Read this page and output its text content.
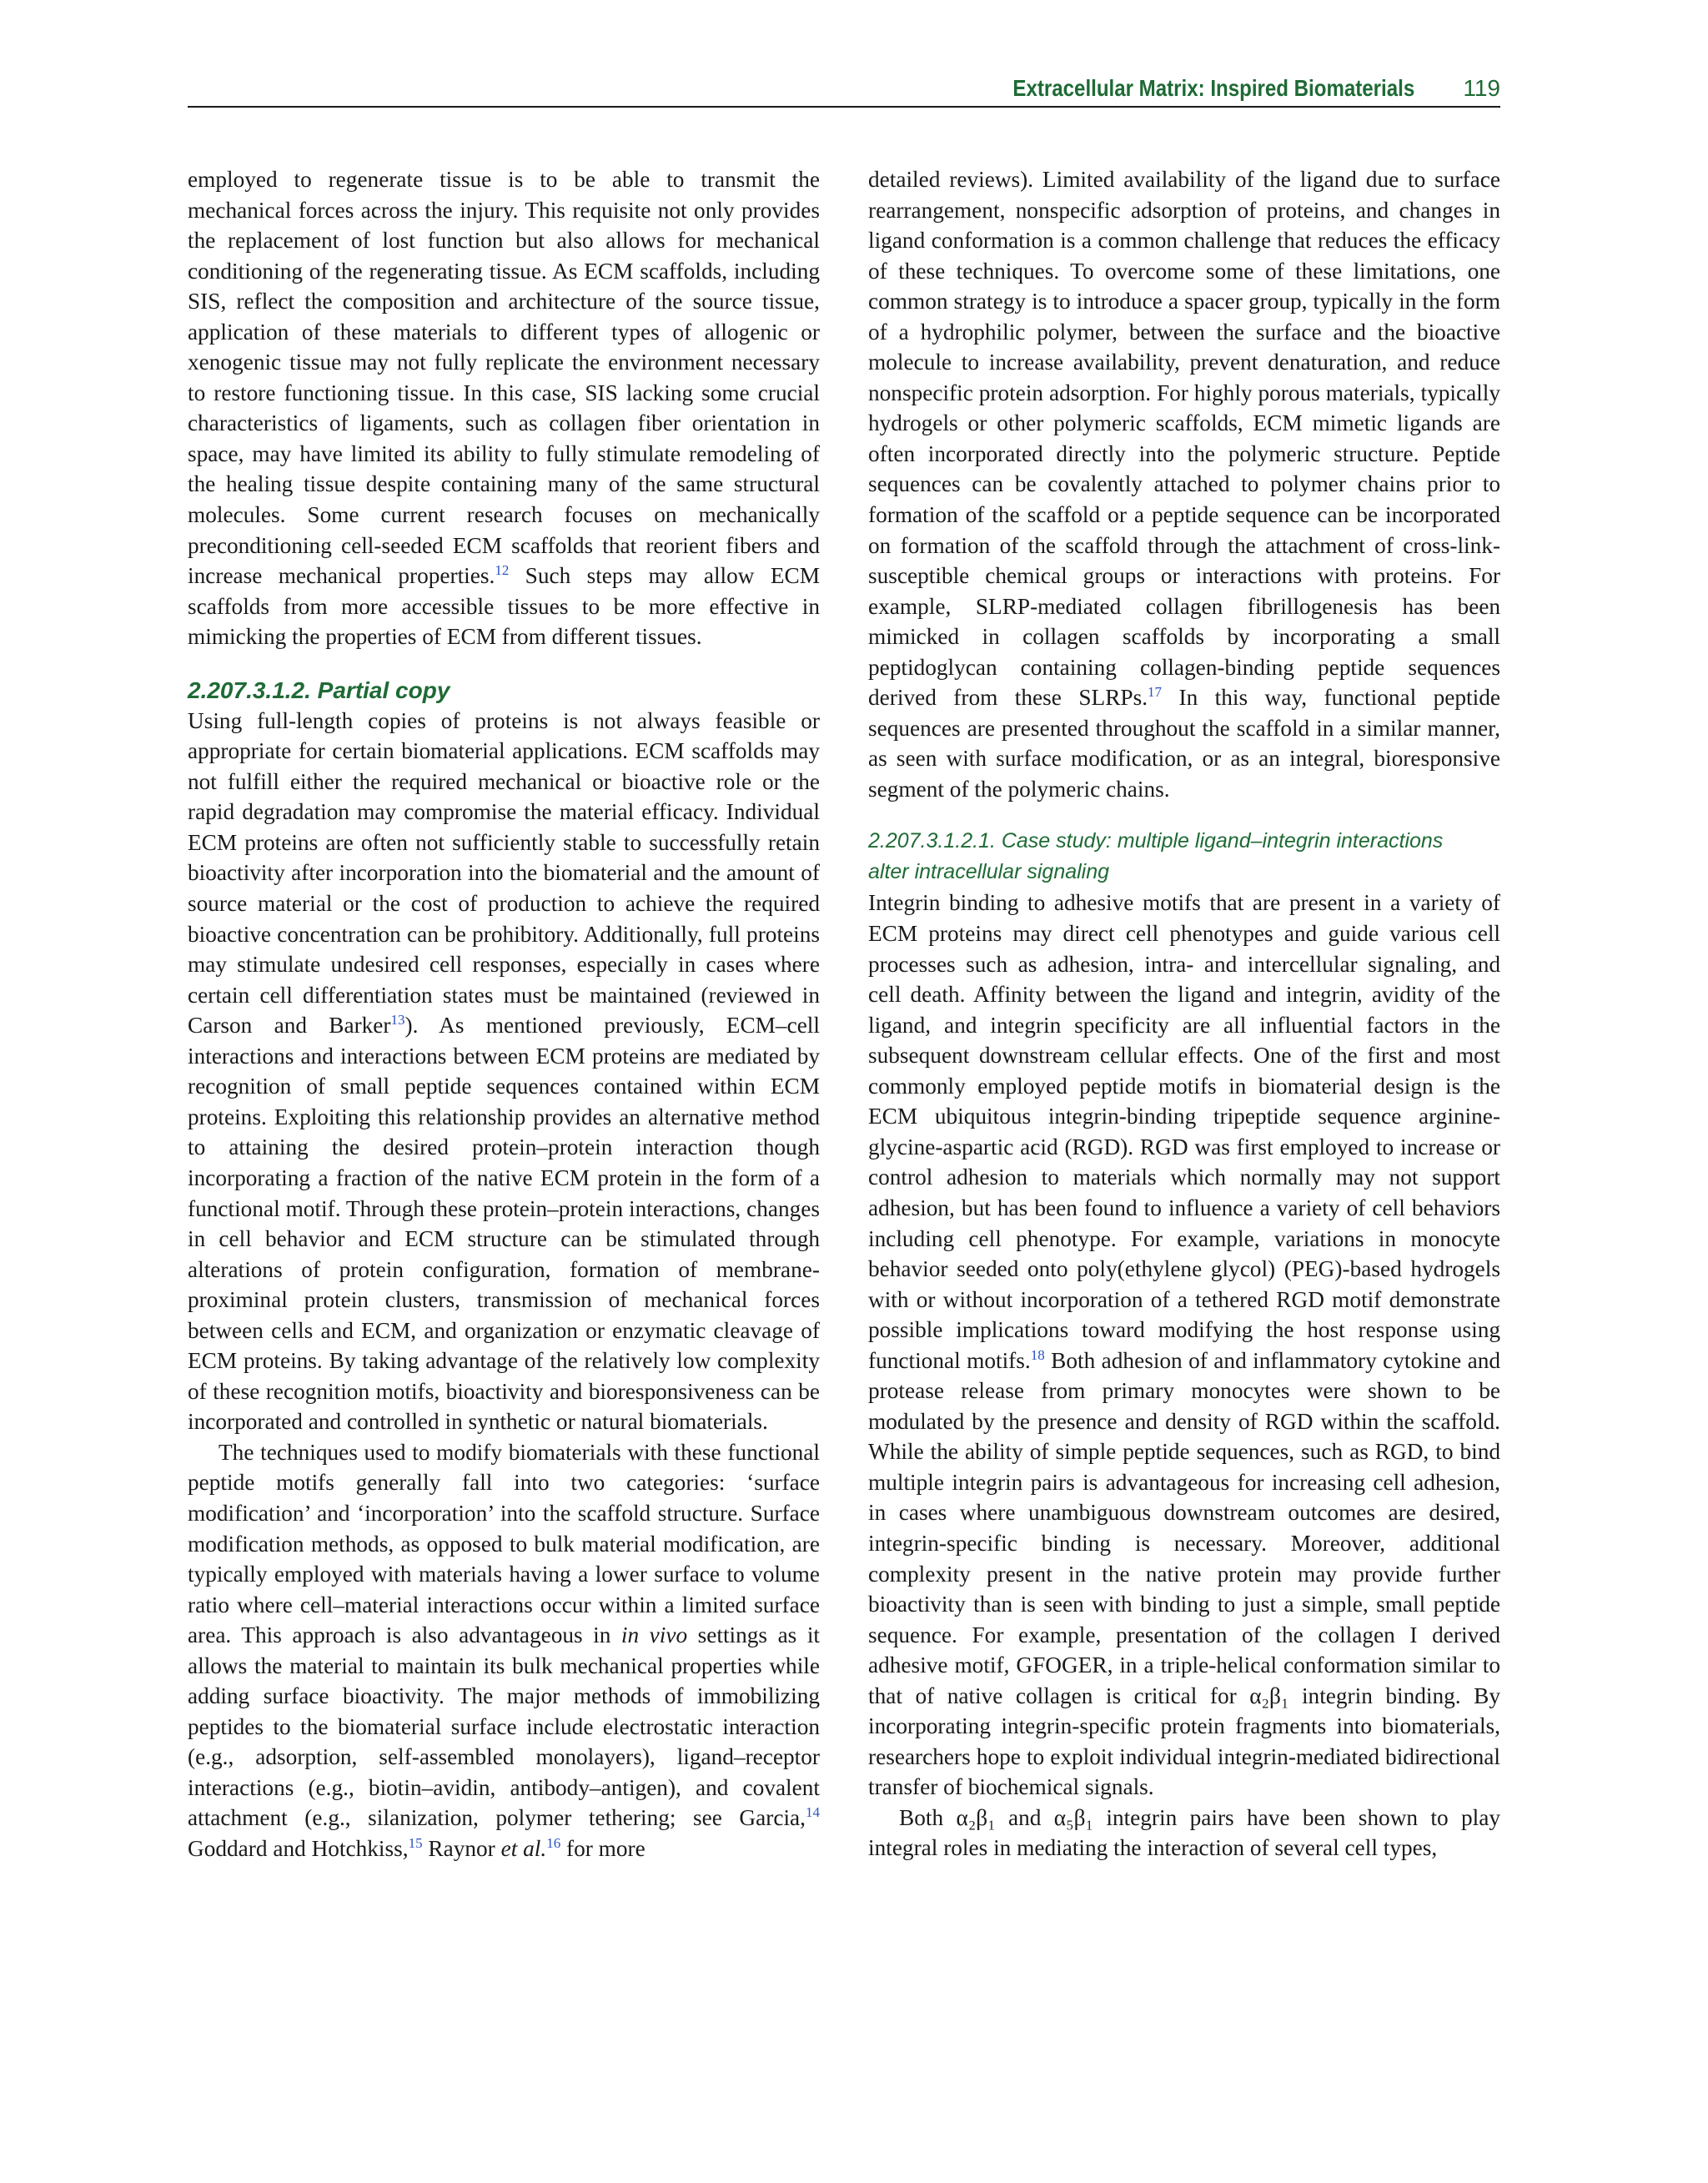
Extracellular Matrix: Inspired Biomaterials 119

employed to regenerate tissue is to be able to transmit the mechanical forces across the injury. This requisite not only provides the replacement of lost function but also allows for mechanical conditioning of the regenerating tissue. As ECM scaffolds, including SIS, reflect the composition and architecture of the source tissue, application of these materials to different types of allogenic or xenogenic tissue may not fully replicate the environment necessary to restore functioning tissue. In this case, SIS lacking some crucial characteristics of ligaments, such as collagen fiber orientation in space, may have limited its ability to fully stimulate remodeling of the healing tissue despite containing many of the same structural molecules. Some current research focuses on mechanically preconditioning cell-seeded ECM scaffolds that reorient fibers and increase mechanical properties.$^{12}$ Such steps may allow ECM scaffolds from more accessible tissues to be more effective in mimicking the properties of ECM from different tissues.

2.207.3.1.2. Partial copy

Using full-length copies of proteins is not always feasible or appropriate for certain biomaterial applications. ECM scaffolds may not fulfill either the required mechanical or bioactive role or the rapid degradation may compromise the material efficacy. Individual ECM proteins are often not sufficiently stable to successfully retain bioactivity after incorporation into the biomaterial and the amount of source material or the cost of production to achieve the required bioactive concentration can be prohibitory. Additionally, full proteins may stimulate undesired cell responses, especially in cases where certain cell differentiation states must be maintained (reviewed in Carson and Barker$^{13}$). As mentioned previously, ECM–cell interactions and interactions between ECM proteins are mediated by recognition of small peptide sequences contained within ECM proteins. Exploiting this relationship provides an alternative method to attaining the desired protein–protein interaction though incorporating a fraction of the native ECM protein in the form of a functional motif. Through these protein–protein interactions, changes in cell behavior and ECM structure can be stimulated through alterations of protein configuration, formation of membrane-proximinal protein clusters, transmission of mechanical forces between cells and ECM, and organization or enzymatic cleavage of ECM proteins. By taking advantage of the relatively low complexity of these recognition motifs, bioactivity and bioresponsiveness can be incorporated and controlled in synthetic or natural biomaterials.

The techniques used to modify biomaterials with these functional peptide motifs generally fall into two categories: ‘surface modification’ and ‘incorporation’ into the scaffold structure. Surface modification methods, as opposed to bulk material modification, are typically employed with materials having a lower surface to volume ratio where cell–material interactions occur within a limited surface area. This approach is also advantageous in in vivo settings as it allows the material to maintain its bulk mechanical properties while adding surface bioactivity. The major methods of immobilizing peptides to the biomaterial surface include electrostatic interaction (e.g., adsorption, self-assembled monolayers), ligand–receptor interactions (e.g., biotin–avidin, antibody–antigen), and covalent attachment (e.g., silanization, polymer tethering; see Garcia,$^{14}$ Goddard and Hotchkiss,$^{15}$ Raynor et al.$^{16}$ for more

detailed reviews). Limited availability of the ligand due to surface rearrangement, nonspecific adsorption of proteins, and changes in ligand conformation is a common challenge that reduces the efficacy of these techniques. To overcome some of these limitations, one common strategy is to introduce a spacer group, typically in the form of a hydrophilic polymer, between the surface and the bioactive molecule to increase availability, prevent denaturation, and reduce nonspecific protein adsorption. For highly porous materials, typically hydrogels or other polymeric scaffolds, ECM mimetic ligands are often incorporated directly into the polymeric structure. Peptide sequences can be covalently attached to polymer chains prior to formation of the scaffold or a peptide sequence can be incorporated on formation of the scaffold through the attachment of cross-link-susceptible chemical groups or interactions with proteins. For example, SLRP-mediated collagen fibrillogenesis has been mimicked in collagen scaffolds by incorporating a small peptidoglycan containing collagen-binding peptide sequences derived from these SLRPs.$^{17}$ In this way, functional peptide sequences are presented throughout the scaffold in a similar manner, as seen with surface modification, or as an integral, bioresponsive segment of the polymeric chains.

2.207.3.1.2.1. Case study: multiple ligand–integrin interactions
alter intracellular signaling

Integrin binding to adhesive motifs that are present in a variety of ECM proteins may direct cell phenotypes and guide various cell processes such as adhesion, intra- and intercellular signaling, and cell death. Affinity between the ligand and integrin, avidity of the ligand, and integrin specificity are all influential factors in the subsequent downstream cellular effects. One of the first and most commonly employed peptide motifs in biomaterial design is the ECM ubiquitous integrin-binding tripeptide sequence arginine-glycine-aspartic acid (RGD). RGD was first employed to increase or control adhesion to materials which normally may not support adhesion, but has been found to influence a variety of cell behaviors including cell phenotype. For example, variations in monocyte behavior seeded onto poly(ethylene glycol) (PEG)-based hydrogels with or without incorporation of a tethered RGD motif demonstrate possible implications toward modifying the host response using functional motifs.$^{18}$ Both adhesion of and inflammatory cytokine and protease release from primary monocytes were shown to be modulated by the presence and density of RGD within the scaffold. While the ability of simple peptide sequences, such as RGD, to bind multiple integrin pairs is advantageous for increasing cell adhesion, in cases where unambiguous downstream outcomes are desired, integrin-specific binding is necessary. Moreover, additional complexity present in the native protein may provide further bioactivity than is seen with binding to just a simple, small peptide sequence. For example, presentation of the collagen I derived adhesive motif, GFOGER, in a triple-helical conformation similar to that of native collagen is critical for α₂β₁ integrin binding. By incorporating integrin-specific protein fragments into biomaterials, researchers hope to exploit individual integrin-mediated bidirectional transfer of biochemical signals.

Both α₂β₁ and α₅β₁ integrin pairs have been shown to play integral roles in mediating the interaction of several cell types,
